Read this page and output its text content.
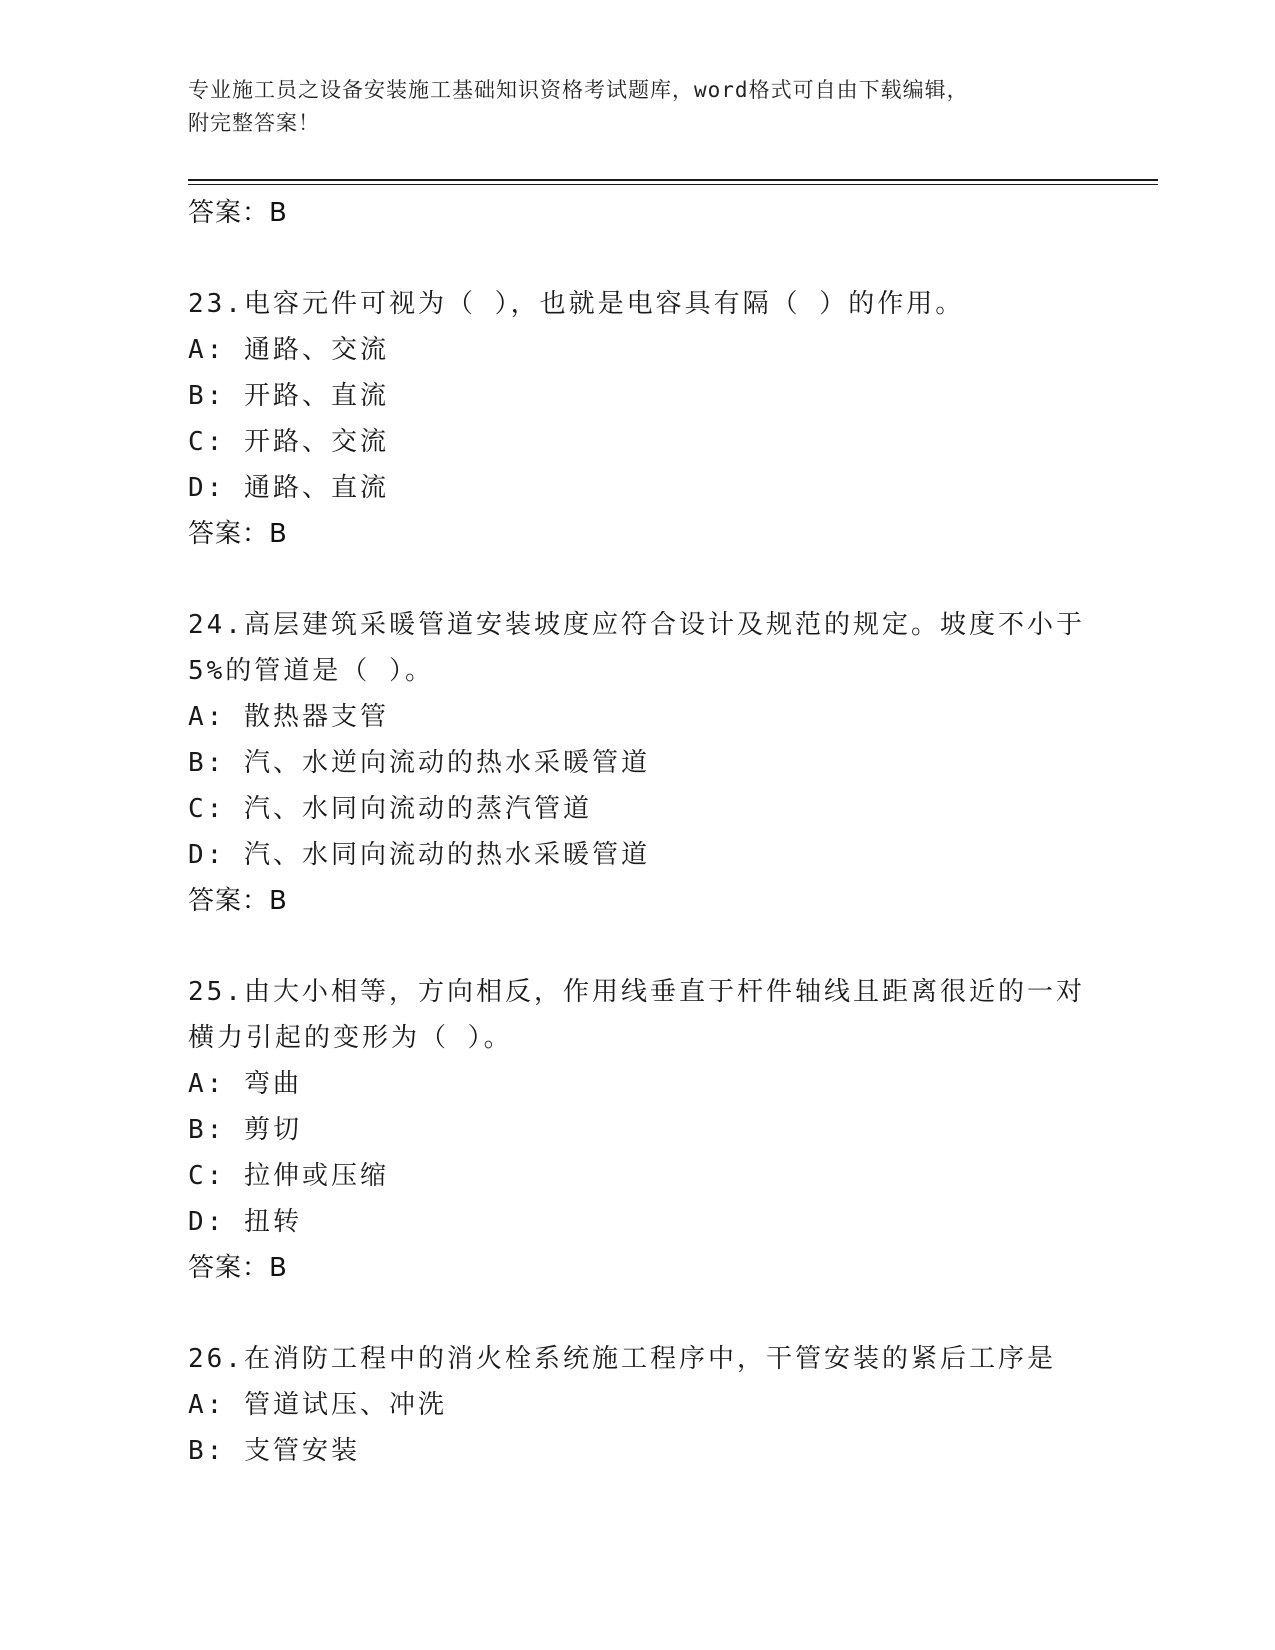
专业施工员之设备安装施工基础知识资格考试题库，word格式可自由下载编辑，
附完整答案！
答案：B
23.电容元件可视为（ ），也就是电容具有隔（ ）的作用。
A: 通路、交流
B: 开路、直流
C: 开路、交流
D: 通路、直流
答案：B
24.高层建筑采暖管道安装坡度应符合设计及规范的规定。坡度不小于
5%的管道是（ ）。
A: 散热器支管
B: 汽、水逆向流动的热水采暖管道
C: 汽、水同向流动的蒸汽管道
D: 汽、水同向流动的热水采暖管道
答案：B
25.由大小相等，方向相反，作用线垂直于杆件轴线且距离很近的一对
横力引起的变形为（ ）。
A: 弯曲
B: 剪切
C: 拉伸或压缩
D: 扭转
答案：B
26.在消防工程中的消火栓系统施工程序中，干管安装的紧后工序是
A: 管道试压、冲洗
B: 支管安装
